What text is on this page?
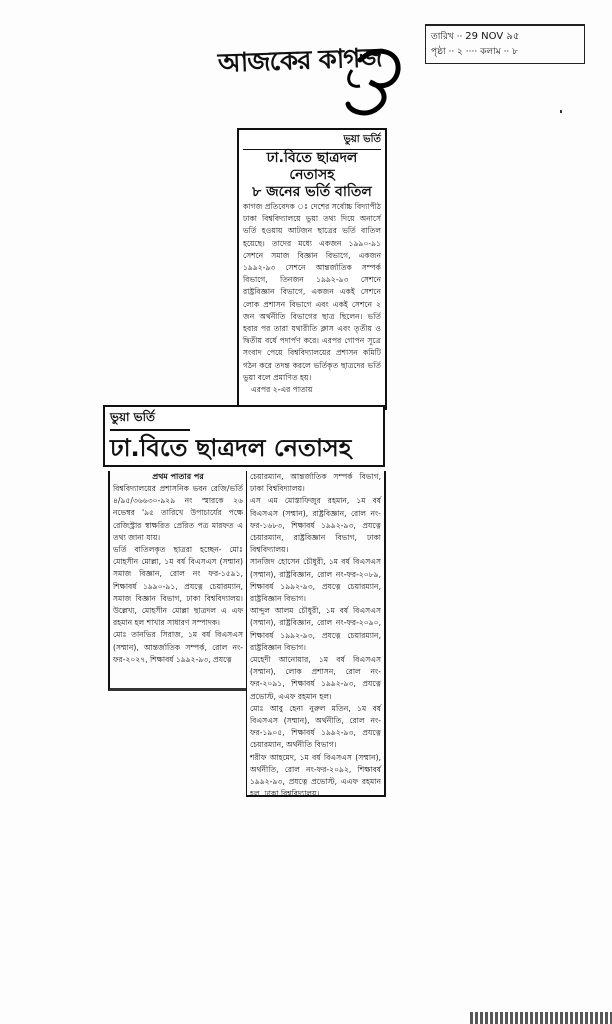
আজকের কাগজ
তারিখ ·· 29 NOV ৯৫
পৃষ্ঠা ·· ২ ···· কলাম ·· ৮
ভুয়া ভর্তি
ঢা.বিতে ছাত্রদল নেতাসহ
৮ জনের ভর্তি বাতিল
কাগজ প্রতিবেদক ঃ দেশের সর্বোচ্চ বিদ্যাপীঠ ঢাকা বিশ্ববিদ্যালয়ে ভুয়া তথ্য দিয়ে অনার্সে ভর্তি হওয়ায় আটজন ছাত্রের ভর্তি বাতিল হয়েছে। তাদের মধ্যে একজন ১৯৯০-৯১ সেশনে সমাজ বিজ্ঞান বিভাগে, একজন ১৯৯২-৯৩ সেশনে আন্তর্জাতিক সম্পর্ক বিভাগে, তিনজন ১৯৯২-৯৩ সেশনে রাষ্ট্রবিজ্ঞান বিভাগে, একজন একই সেশনে লোক প্রশাসন বিভাগে এবং একই সেশনে ২ জন অর্থনীতি বিভাগের ছাত্র ছিলেন। ভর্তি হবার পর তারা যথারীতি ক্লাস এবং তৃতীয় ও দ্বিতীয় বর্ষে পদার্পণ করে। এরপর গোপন সূত্রে সংবাদ পেয়ে বিশ্ববিদ্যালয়ের প্রশাসন কমিটি গঠন করে তদন্ত করলে ভর্তিকৃত ছাত্রদের ভর্তি ভুয়া বলে প্রমাণিত হয়।
এরপর ২-এর পাতায়
ভুয়া ভর্তি
ঢা.বিতে ছাত্রদল নেতাসহ
প্রথম পাতার পর
বিশ্ববিদ্যালয়ের প্রশাসনিক ভবন রেজি/ভর্তি ৪/৯৫/৩৬৬৩০-৯২৯ নং স্মারকে ২৬ নভেম্বর '৯৫ তারিখে উপাচার্যের পক্ষে রেজিস্ট্রার স্বাক্ষরিত প্রেরিত পত্র মারফত এ তথ্য জানা যায়।
ভর্তি বাতিলকৃত ছাত্ররা হচ্ছেন- মোঃ মোহসীন মোল্লা, ১ম বর্ষ বিএসএস (সম্মান) সমাজ বিজ্ঞান, রোল নং ফর-১৫৯১, শিক্ষাবর্ষ ১৯৯০-৯১, প্রযত্নে চেয়ারম্যান, সমাজ বিজ্ঞান বিভাগ, ঢাকা বিশ্ববিদ্যালয়। উল্লেখ্য, মোহসীন মোল্লা ছাত্রদল এ এফ রহমান হল শাখার সাধারণ সম্পাদক।
মোঃ তানভির সিরাজ, ১ম বর্ষ বিএসএস (সম্মান), আন্তর্জাতিক সম্পর্ক, রোল নং-ফর-২০২৭, শিক্ষাবর্ষ ১৯৯২-৯৩, প্রযত্নে
চেয়ারম্যান, আন্তর্জাতিক সম্পর্ক বিভাগ, ঢাকা বিশ্ববিদ্যালয়।
এস এম মোস্তাফিজুর রহমান, ১ম বর্ষ বিএসএস (সম্মান), রাষ্ট্রবিজ্ঞান, রোল নং-ফর-১৬৮৩, শিক্ষাবর্ষ ১৯৯২-৯৩, প্রযত্নে চেয়ারম্যান, রাষ্ট্রবিজ্ঞান বিভাগ, ঢাকা বিশ্ববিদ্যালয়।
সানজিদ হোসেন চৌধুরী, ১ম বর্ষ বিএসএস (সম্মান), রাষ্ট্রবিজ্ঞান, রোল নং-ফর-২০৮৯, শিক্ষাবর্ষ ১৯৯২-৯৩, প্রযত্নে চেয়ারম্যান, রাষ্ট্রবিজ্ঞান বিভাগ।
আব্দুল আলম চৌধুরী, ১ম বর্ষ বিএসএস (সম্মান), রাষ্ট্রবিজ্ঞান, রোল নং-ফর-২০৯০, শিক্ষাবর্ষ ১৯৯২-৯৩, প্রযত্নে চেয়ারম্যান, রাষ্ট্রবিজ্ঞান বিভাগ।
মেহেদী আনোয়ার, ১ম বর্ষ বিএসএস (সম্মান), লোক প্রশাসন, রোল নং-ফর-২০৯১, শিক্ষাবর্ষ ১৯৯২-৯৩, প্রযত্নে প্রভোস্ট, এএফ রহমান হল।
মোঃ আবু হেনা নুরুল মতিন, ১ম বর্ষ বিএসএস (সম্মান), অর্থনীতি, রোল নং-ফর-১৯০৫, শিক্ষাবর্ষ ১৯৯২-৯৩, প্রযত্নে চেয়ারম্যান, অর্থনীতি বিভাগ।
শরীফ আহমেদ, ১ম বর্ষ বিএসএস (সম্মান), অর্থনীতি, রোল নং-ফর-২০৯২, শিক্ষাবর্ষ ১৯৯২-৯৩, প্রযত্নে প্রভোস্ট, এএফ রহমান হল, ঢাকা বিশ্ববিদ্যালয়।
